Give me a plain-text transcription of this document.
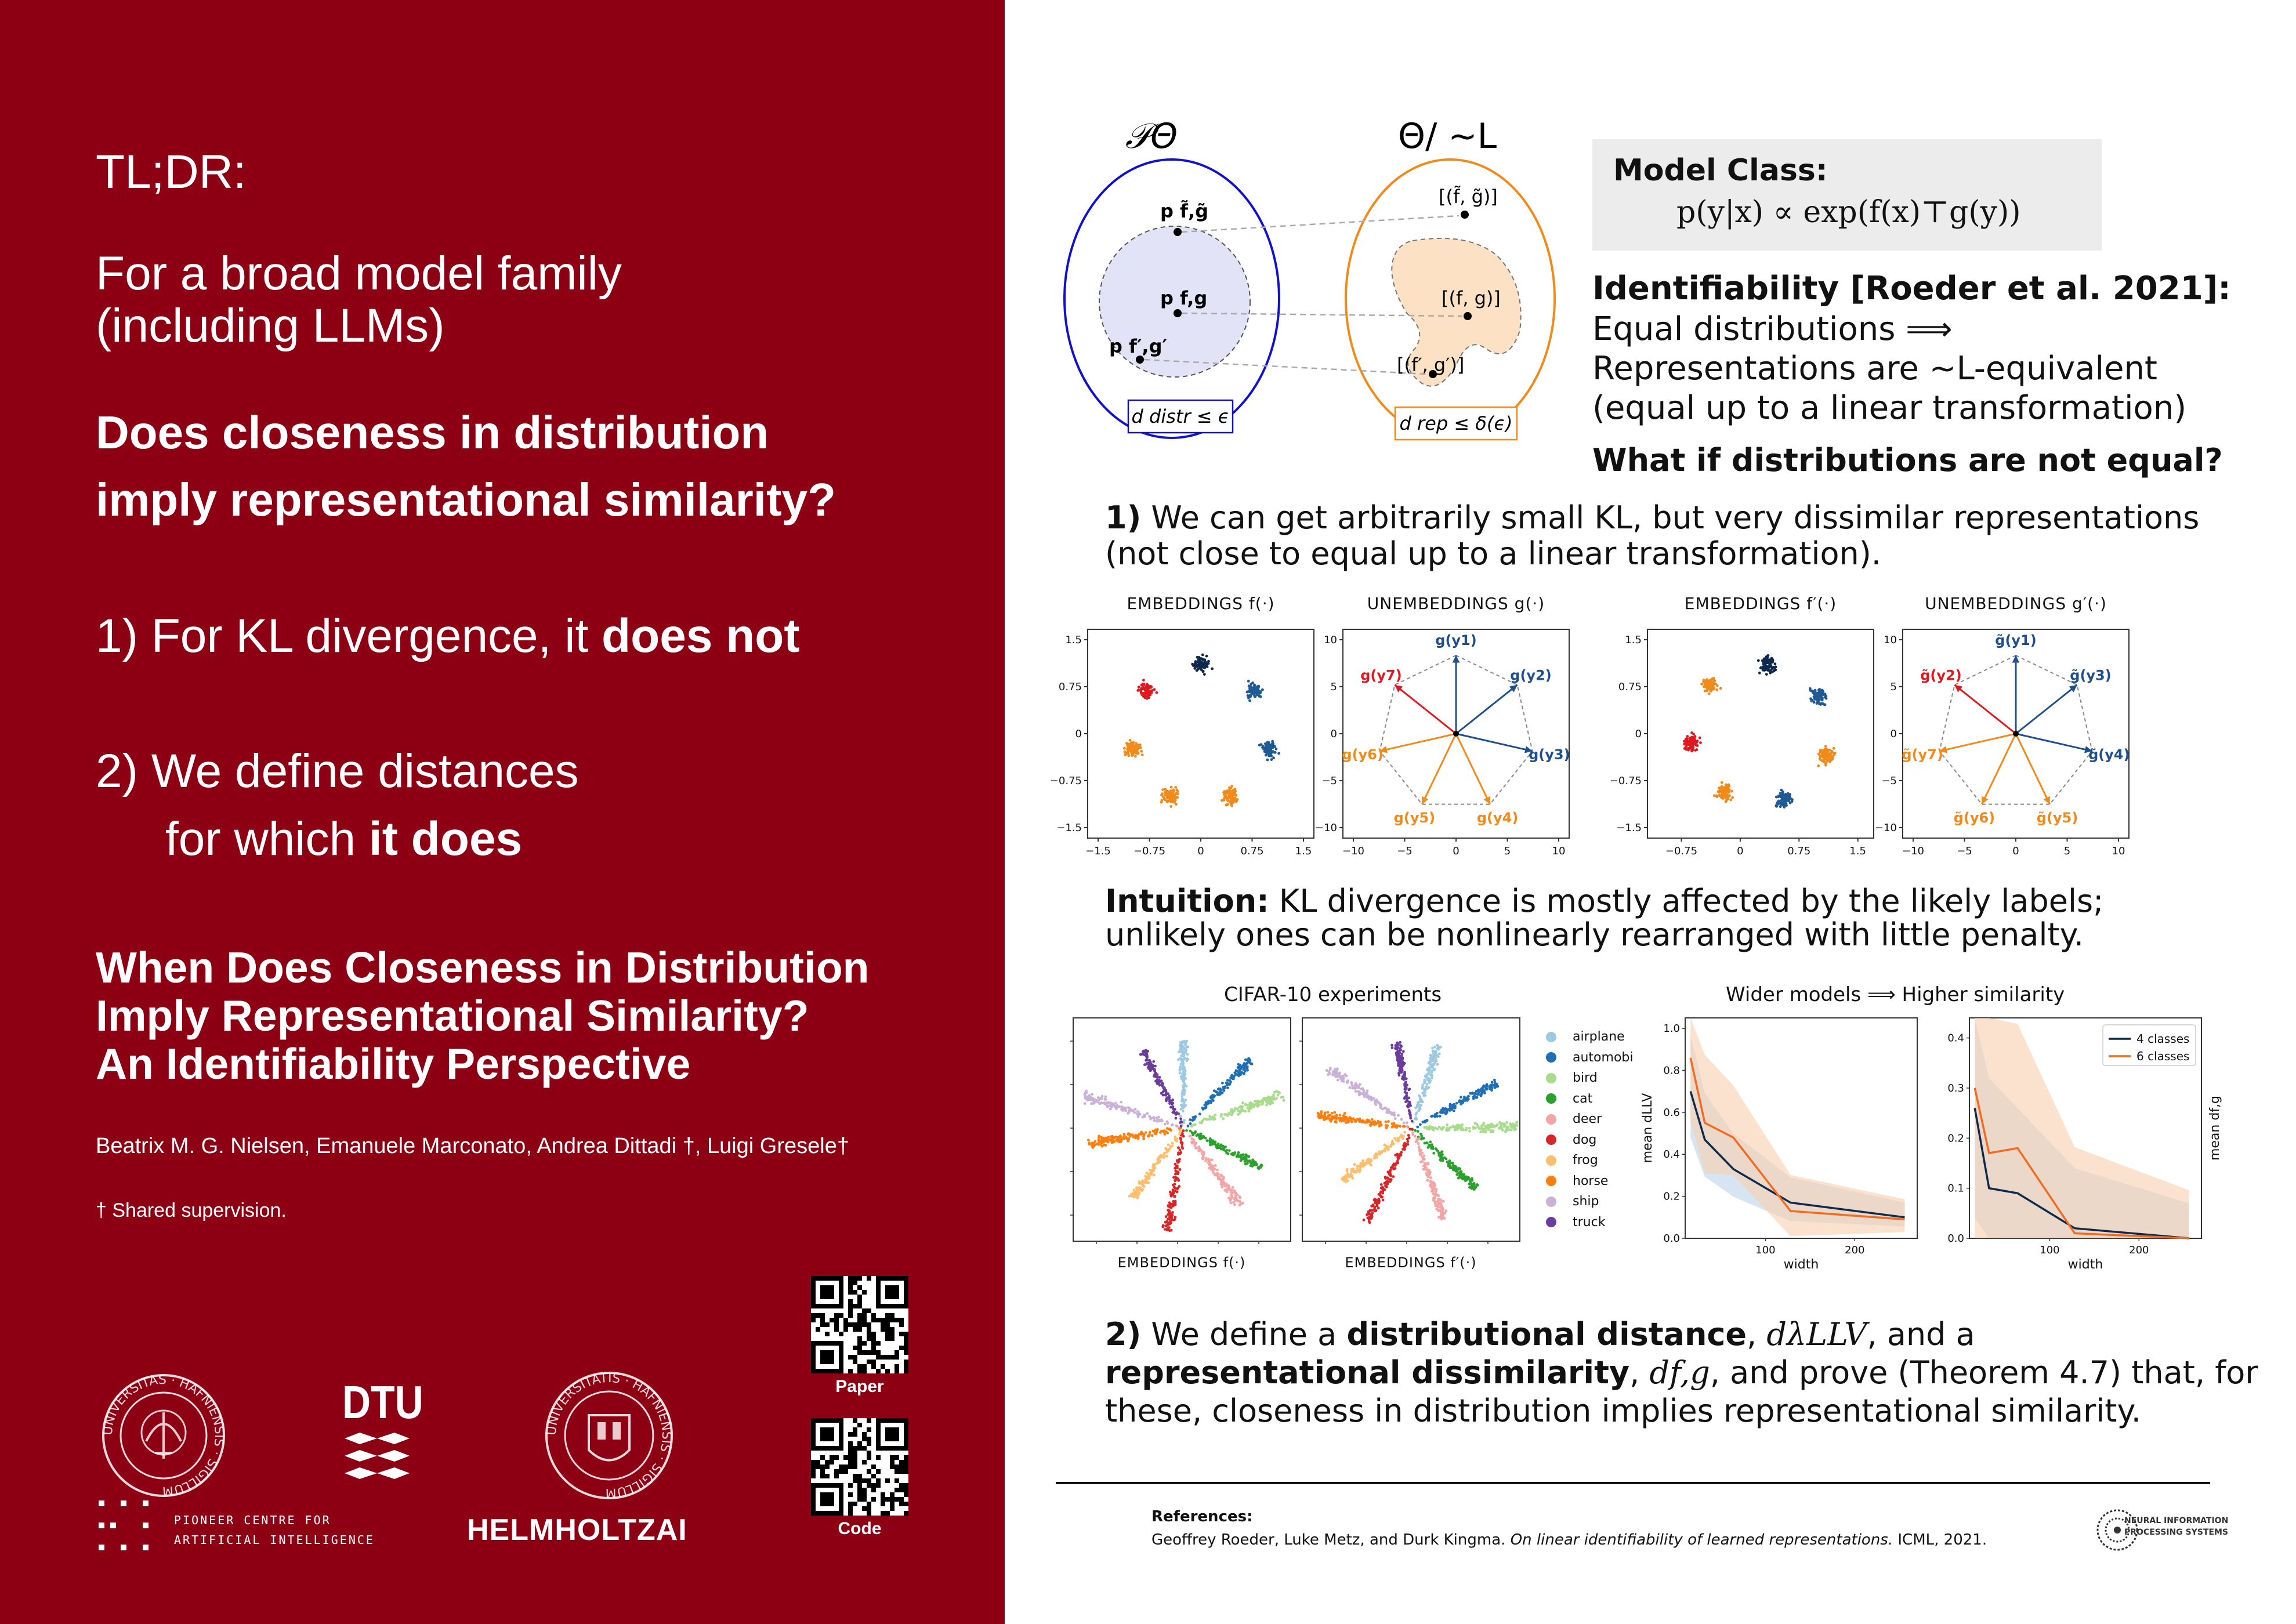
TL;DR:
For a broad model family
(including LLMs)
Does closeness in distribution
imply representational similarity?
1) For KL divergence, it does not
2) We define distances
for which it does
When Does Closeness in Distribution
Imply Representational Similarity?
An Identifiability Perspective
Beatrix M. G. Nielsen, Emanuele Marconato, Andrea Dittadi †, Luigi Gresele†
† Shared supervision.
UNIVERSITAS · HAFNIENSIS · SIGILLUM
DTU
UNIVERSITATIS · HAFNIENSIS · SIGILLUM
PIONEER CENTRE FOR
ARTIFICIAL INTELLIGENCE	HELMHOLTZAI
Paper
Code
𝒫Θ	Θ/ ∼L
p f̃,g̃
p f,g
p f′,g′
d distr ≤ ϵ
[(f̃, g̃)]
[(f, g)]
[(f′, g′)]
d rep ≤ δ(ϵ)
Model Class:
p(y|x) ∝ exp(f(x)⊤g(y))
Identifiability [Roeder et al. 2021]:
Equal distributions ⟹
Representations are ∼L-equivalent
(equal up to a linear transformation)
What if distributions are not equal?
1) We can get arbitrarily small KL, but very dissimilar representations
(not close to equal up to a linear transformation).
EMBEDDINGS f(·)
1.5
0.75
0
−0.75
−1.5
−1.5 −0.75	0	0.75	1.5
UNEMBEDDINGS g(·)
10
5
0
−5
−10
−10	−5	0	5	10
g(y1)
g(y2)
g(y3)
g(y4)
g(y5)
g(y6)
g(y7)
EMBEDDINGS f′(·)
1.5
0.75
0
−0.75
−1.5
−0.75	0	0.75	1.5
UNEMBEDDINGS g′(·)
10
5
0
−5
−10
−10	−5	0	5	10
g̃(y1)
g̃(y3)
g̃(y4)
g̃(y5)
g̃(y6)
g̃(y7)
g̃(y2)
Intuition: KL divergence is mostly affected by the likely labels;
unlikely ones can be nonlinearly rearranged with little penalty.
CIFAR-10 experiments
EMBEDDINGS f(·)	EMBEDDINGS f′(·)
airplane
automobi
bird
cat
deer
dog
frog
horse
ship
truck
Wider models ⟹ Higher similarity
1.0
0.8
0.6
0.4
0.2
0.0
100	200
width
mean dLLV
0.4
0.3
0.2
0.1
0.0
100	200
width
mean df,g
4 classes
6 classes
2) We define a distributional distance, dλLLV, and a
representational dissimilarity, df,g, and prove (Theorem 4.7) that, for
these, closeness in distribution implies representational similarity.
References:
Geoffrey Roeder, Luke Metz, and Durk Kingma. On linear identifiability of learned representations. ICML, 2021.
NEURAL INFORMATION
PROCESSING SYSTEMS
